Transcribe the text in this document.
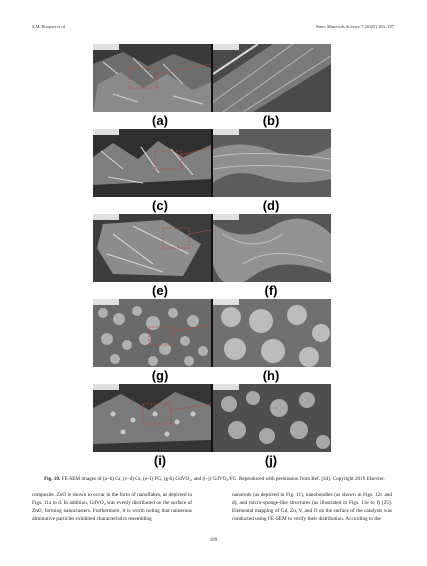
S.M. Roopan et al.	Nano Materials Science 7 (2025) 183–197
(a)	(b)
(c)	(d)
(e)	(f)
(g)	(h)
(i)	(j)
Fig. 10. FE-SEM images of (a–b) Gr, (c–d) Gr, (e–f) FG, (g-h) GdVO₄, and (i–j) GdVO₄/FG. Reproduced with permission from Ref. [44]. Copyright 2019 Elsevier.
composite. ZnO is shown to occur in the form of nanoflakes, as depicted in Figs. 11a to d. In addition, GdVO₄ was evenly distributed on the surface of ZnO, forming nanoclusters. Furthermore, it is worth noting that numerous diminutive particles exhibited characteristics resembling
nanorods (as depicted in Fig. 11), nanobundles (as shown in Figs. 12c and d), and micro-sponge-like structures (as illustrated in Figs. 11e to f) [25]. Elemental mapping of Gd, Zn, V, and O on the surface of the catalysts was conducted using FE-SEM to verify their distribution. According to the
189
